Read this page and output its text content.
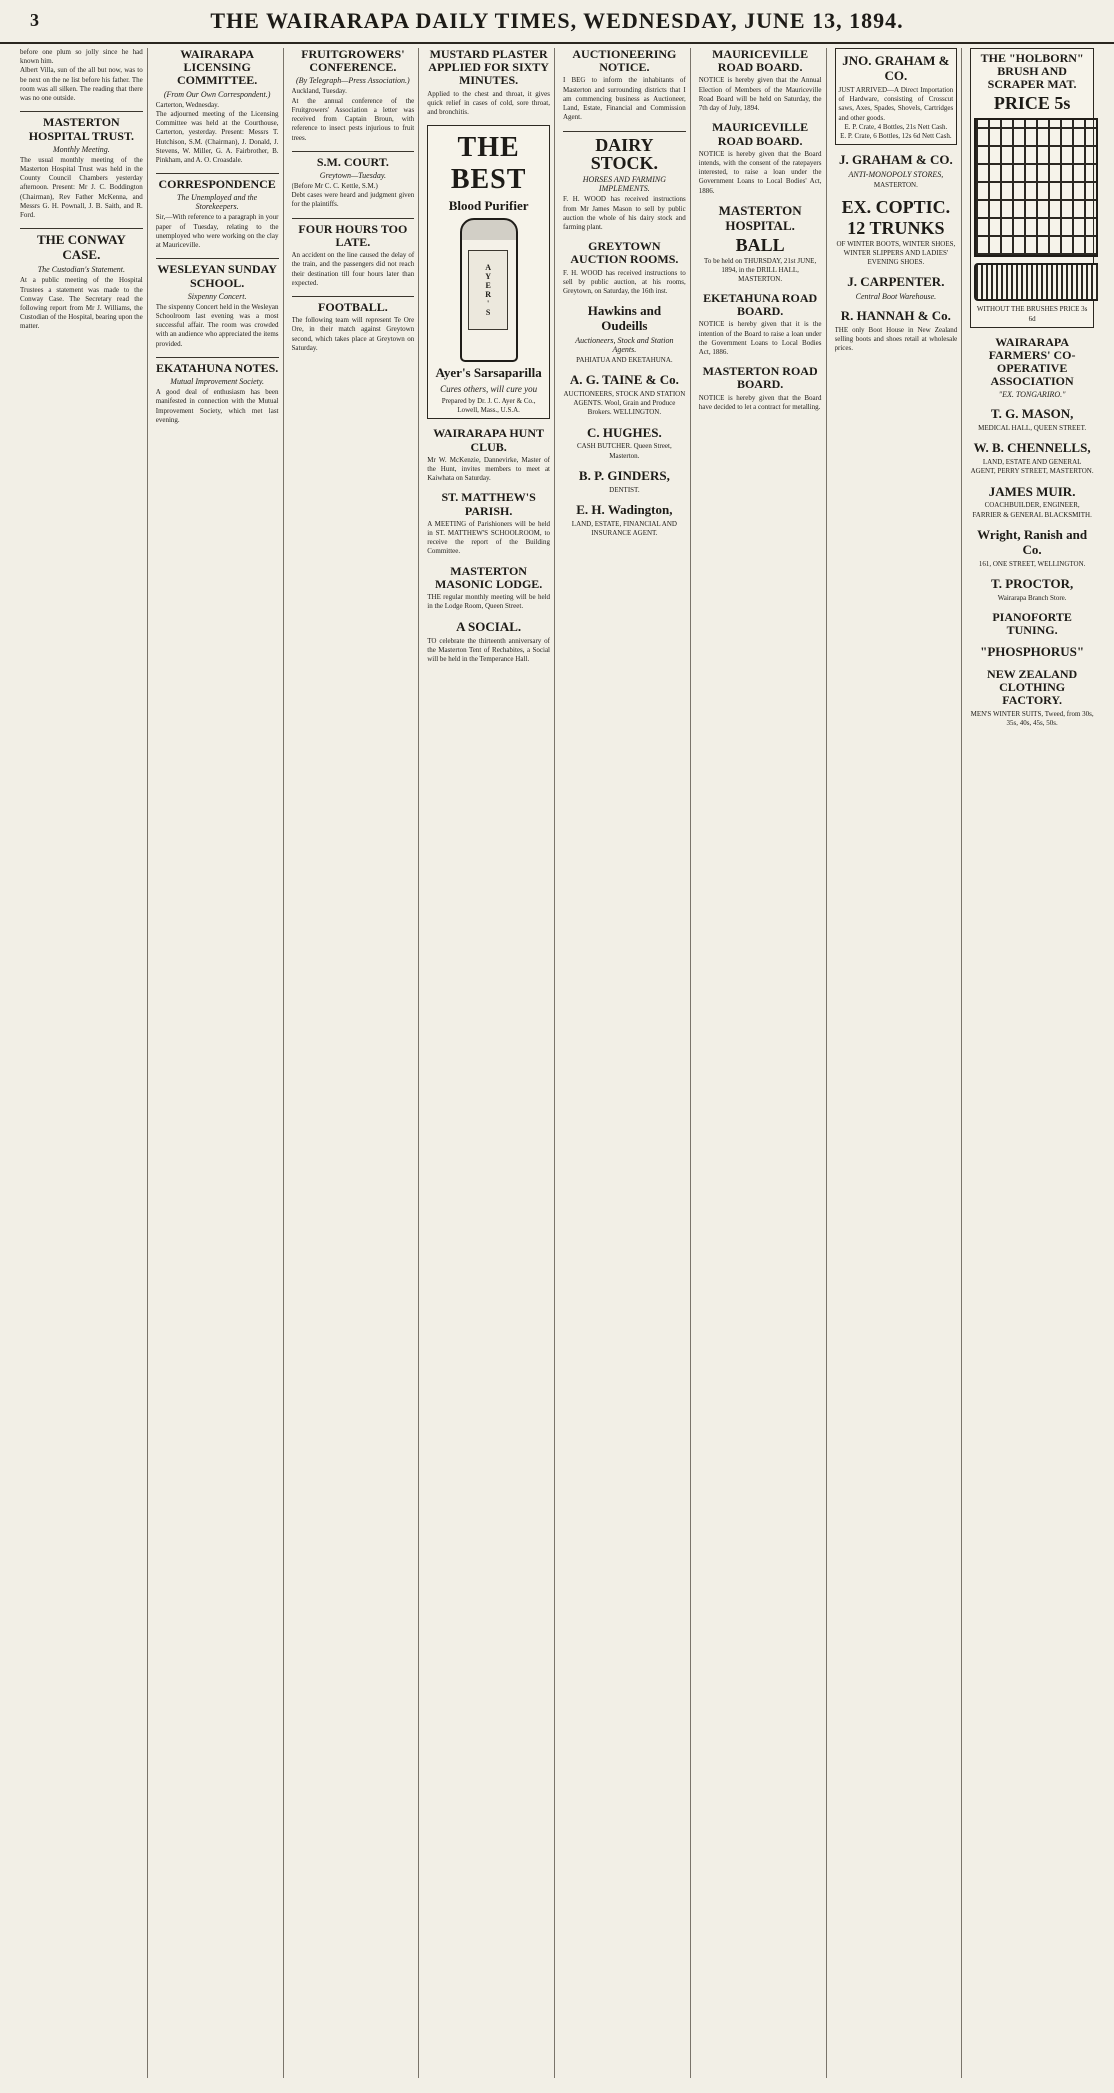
3	THE WAIRARAPA DAILY TIMES, WEDNESDAY, JUNE 13, 1894.
before one plum so jolly since he had known him.
Albert Villa, sun of the all but now, was to be next on the ne list before his father. The room was all silken. The reading that there was no one outside.
MASTERTON HOSPITAL TRUST.
Monthly Meeting.
The usual monthly meeting of the Masterton Hospital Trust was held in the County Council Chambers yesterday afternoon. Present: Mr J. C. Boddington (Chairman), Rev Father McKenna, and Messrs G. H. Pownall, J. B. Saith, and R. Ford.
THE CONWAY CASE.
The Custodian's Statement.
At a public meeting of the Hospital Trustees a statement was made to the Conway Case. The Secretary read the following report from Mr J. Williams, the Custodian of the Hospital, bearing upon the matter.
WAIRARAPA LICENSING COMMITTEE.
(From Our Own Correspondent.)
Carterton, Wednesday.
The adjourned meeting of the Licensing Committee was held at the Courthouse, Carterton, yesterday. Present: Messrs T. Hutchison, S.M. (Chairman), J. Donald, J. Stevens, W. Miller, G. A. Fairbrother, B. Pinkham, and A. O. Croasdale.
CORRESPONDENCE
The Unemployed and the Storekeepers.
Sir,—With reference to a paragraph in your paper of Tuesday, relating to the unemployed who were working on the clay at Mauriceville.
WESLEYAN SUNDAY SCHOOL.
Sixpenny Concert.
The sixpenny Concert held in the Wesleyan Schoolroom last evening was a most successful affair. The room was crowded with an audience who appreciated the items provided.
EKATAHUNA NOTES.
Mutual Improvement Society.
A good deal of enthusiasm has been manifested in connection with the Mutual Improvement Society, which met last evening.
FRUITGROWERS' CONFERENCE.
(By Telegraph—Press Association.)
Auckland, Tuesday.
At the annual conference of the Fruitgrowers' Association a letter was received from Captain Broun, with reference to insect pests injurious to fruit trees.
S.M. COURT.
Greytown—Tuesday.
(Before Mr C. C. Kettle, S.M.)
Debt cases were heard and judgment given for the plaintiffs.
FOUR HOURS TOO LATE.
An accident on the line caused the delay of the train, and the passengers did not reach their destination till four hours later than expected.
FOOTBALL.
The following team will represent Te Ore Ore, in their match against Greytown second, which takes place at Greytown on Saturday.
MUSTARD PLASTER APPLIED FOR SIXTY MINUTES.
Applied to the chest and throat, it gives quick relief in cases of cold, sore throat, and bronchitis.
THE BEST
Blood Purifier
AYER'S
Ayer's Sarsaparilla
Cures others, will cure you
Prepared by Dr. J. C. Ayer & Co., Lowell, Mass., U.S.A.
WAIRARAPA HUNT CLUB.
Mr W. McKenzie, Dannevirke, Master of the Hunt, invites members to meet at Kaiwhata on Saturday.
ST. MATTHEW'S PARISH.
A MEETING of Parishioners will be held in ST. MATTHEW'S SCHOOLROOM, to receive the report of the Building Committee.
MASTERTON MASONIC LODGE.
THE regular monthly meeting will be held in the Lodge Room, Queen Street.
A SOCIAL.
TO celebrate the thirteenth anniversary of the Masterton Tent of Rechabites, a Social will be held in the Temperance Hall.
AUCTIONEERING NOTICE.
I BEG to inform the inhabitants of Masterton and surrounding districts that I am commencing business as Auctioneer, Land, Estate, Financial and Commission Agent.
DAIRY STOCK.
HORSES AND FARMING IMPLEMENTS.
F. H. WOOD has received instructions from Mr James Mason to sell by public auction the whole of his dairy stock and farming plant.
GREYTOWN AUCTION ROOMS.
F. H. WOOD has received instructions to sell by public auction, at his rooms, Greytown, on Saturday, the 16th inst.
Hawkins and Oudeills
Auctioneers, Stock and Station Agents.
PAHIATUA AND EKETAHUNA.
A. G. TAINE & Co.
AUCTIONEERS, STOCK AND STATION AGENTS. Wool, Grain and Produce Brokers. WELLINGTON.
C. HUGHES.
CASH BUTCHER. Queen Street, Masterton.
B. P. GINDERS,
DENTIST.
E. H. Wadington,
LAND, ESTATE, FINANCIAL AND INSURANCE AGENT.
MAURICEVILLE ROAD BOARD.
NOTICE is hereby given that the Annual Election of Members of the Mauriceville Road Board will be held on Saturday, the 7th day of July, 1894.
MAURICEVILLE ROAD BOARD.
NOTICE is hereby given that the Board intends, with the consent of the ratepayers interested, to raise a loan under the Government Loans to Local Bodies' Act, 1886.
MASTERTON HOSPITAL.
BALL
To be held on THURSDAY, 21st JUNE, 1894, in the DRILL HALL, MASTERTON.
EKETAHUNA ROAD BOARD.
NOTICE is hereby given that it is the intention of the Board to raise a loan under the Government Loans to Local Bodies Act, 1886.
MASTERTON ROAD BOARD.
NOTICE is hereby given that the Board have decided to let a contract for metalling.
JNO. GRAHAM & CO.
JUST ARRIVED—A Direct Importation of Hardware, consisting of Crosscut saws, Axes, Spades, Shovels, Cartridges and other goods.
E. P. Crate, 4 Bottles, 21s Nett Cash.
E. P. Crate, 6 Bottles, 12s 6d Nett Cash.
J. GRAHAM & CO.
ANTI-MONOPOLY STORES,
MASTERTON.
EX. COPTIC.
12 TRUNKS
OF WINTER BOOTS, WINTER SHOES, WINTER SLIPPERS AND LADIES' EVENING SHOES.
J. CARPENTER.
Central Boot Warehouse.
R. HANNAH & Co.
THE only Boot House in New Zealand selling boots and shoes retail at wholesale prices.
THE "HOLBORN" BRUSH AND SCRAPER MAT.
PRICE 5s
WITHOUT THE BRUSHES PRICE 3s 6d
WAIRARAPA FARMERS' CO-OPERATIVE ASSOCIATION
"EX. TONGARIRO."
T. G. MASON,
MEDICAL HALL, QUEEN STREET.
W. B. CHENNELLS,
LAND, ESTATE AND GENERAL AGENT, PERRY STREET, MASTERTON.
JAMES MUIR.
COACHBUILDER, ENGINEER, FARRIER & GENERAL BLACKSMITH.
Wright, Ranish and Co.
161, ONE STREET, WELLINGTON.
T. PROCTOR,
Wairarapa Branch Store.
PIANOFORTE TUNING.
"PHOSPHORUS"
NEW ZEALAND CLOTHING FACTORY.
MEN'S WINTER SUITS, Tweed, from 30s, 35s, 40s, 45s, 50s.
